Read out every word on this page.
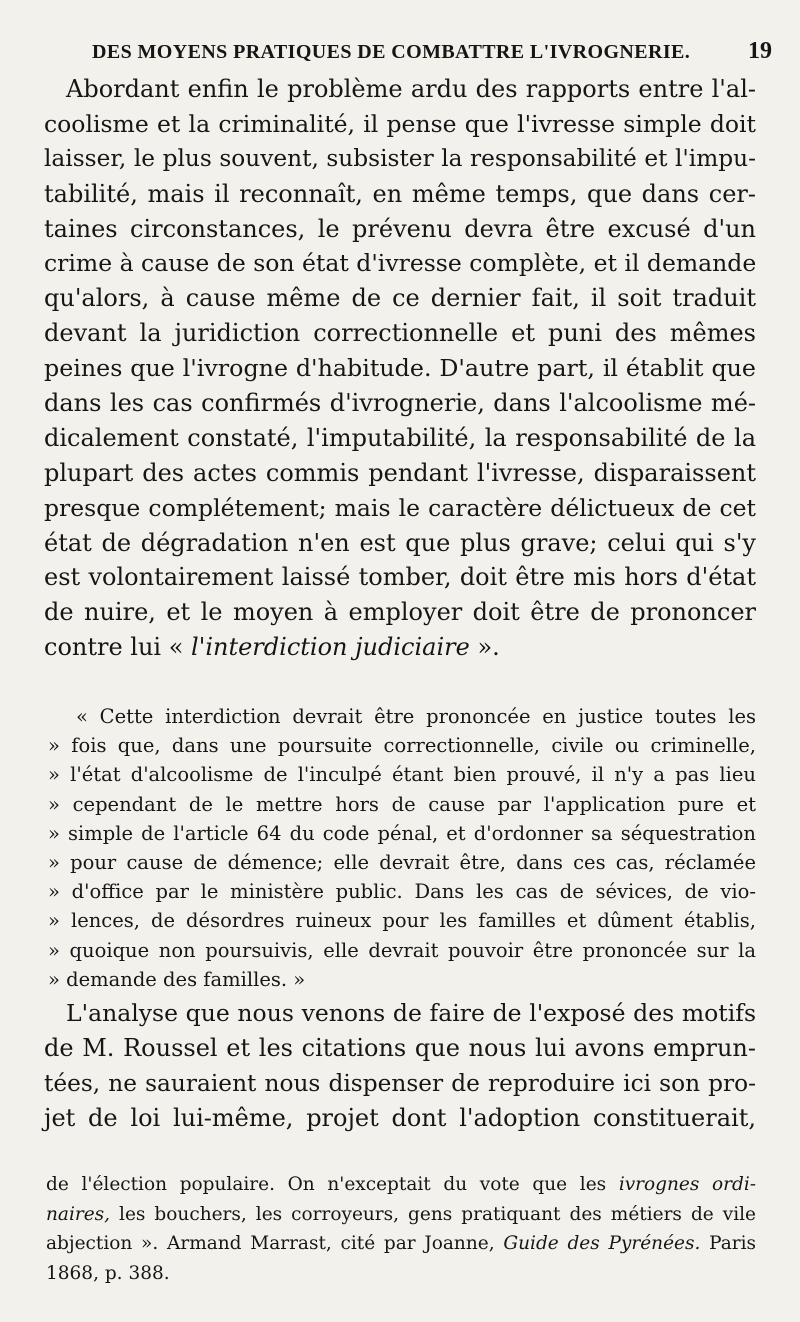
DES MOYENS PRATIQUES DE COMBATTRE L'IVROGNERIE. 19
Abordant enfin le problème ardu des rapports entre l'al-
coolisme et la criminalité, il pense que l'ivresse simple doit
laisser, le plus souvent, subsister la responsabilité et l'impu-
tabilité, mais il reconnaît, en même temps, que dans cer-
taines circonstances, le prévenu devra être excusé d'un
crime à cause de son état d'ivresse complète, et il demande
qu'alors, à cause même de ce dernier fait, il soit traduit
devant la juridiction correctionnelle et puni des mêmes
peines que l'ivrogne d'habitude. D'autre part, il établit que
dans les cas confirmés d'ivrognerie, dans l'alcoolisme mé-
dicalement constaté, l'imputabilité, la responsabilité de la
plupart des actes commis pendant l'ivresse, disparaissent
presque complétement; mais le caractère délictueux de cet
état de dégradation n'en est que plus grave; celui qui s'y
est volontairement laissé tomber, doit être mis hors d'état
de nuire, et le moyen à employer doit être de prononcer
contre lui « l'interdiction judiciaire ».
« Cette interdiction devrait être prononcée en justice toutes les
» fois que, dans une poursuite correctionnelle, civile ou criminelle,
» l'état d'alcoolisme de l'inculpé étant bien prouvé, il n'y a pas lieu
» cependant de le mettre hors de cause par l'application pure et
» simple de l'article 64 du code pénal, et d'ordonner sa séquestration
» pour cause de démence; elle devrait être, dans ces cas, réclamée
» d'office par le ministère public. Dans les cas de sévices, de vio-
» lences, de désordres ruineux pour les familles et dûment établis,
» quoique non poursuivis, elle devrait pouvoir être prononcée sur la
» demande des familles. »
L'analyse que nous venons de faire de l'exposé des motifs
de M. Roussel et les citations que nous lui avons emprun-
tées, ne sauraient nous dispenser de reproduire ici son pro-
jet de loi lui-même, projet dont l'adoption constituerait,
de l'élection populaire. On n'exceptait du vote que les ivrognes ordi-
naires, les bouchers, les corroyeurs, gens pratiquant des métiers de vile
abjection ». Armand Marrast, cité par Joanne, Guide des Pyrénées. Paris
1868, p. 388.
